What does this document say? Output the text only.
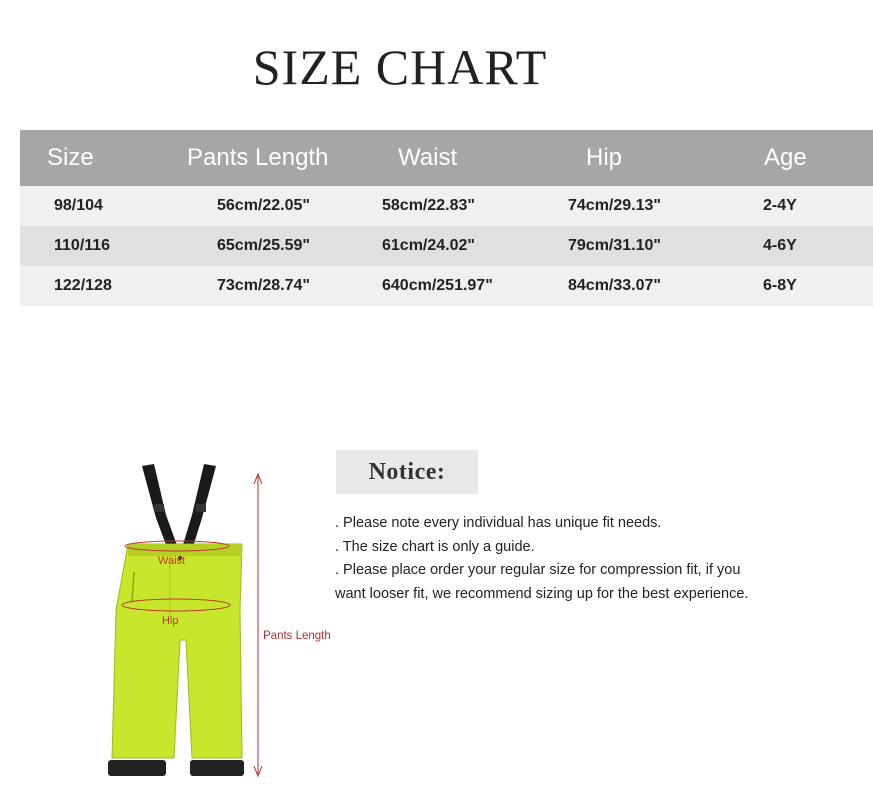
SIZE CHART
Size	Pants Length	Waist	Hip	Age
98/104	56cm/22.05"	58cm/22.83"	74cm/29.13"	2-4Y
110/116	65cm/25.59"	61cm/24.02"	79cm/31.10"	4-6Y
122/128	73cm/28.74"	640cm/251.97"	84cm/33.07"	6-8Y
Waist
Hip
Pants Length
Notice:
. Please note every individual has unique fit needs.
. The size chart is only a guide.
. Please place order your regular size for compression fit, if you want looser fit, we recommend sizing up for the best experience.
